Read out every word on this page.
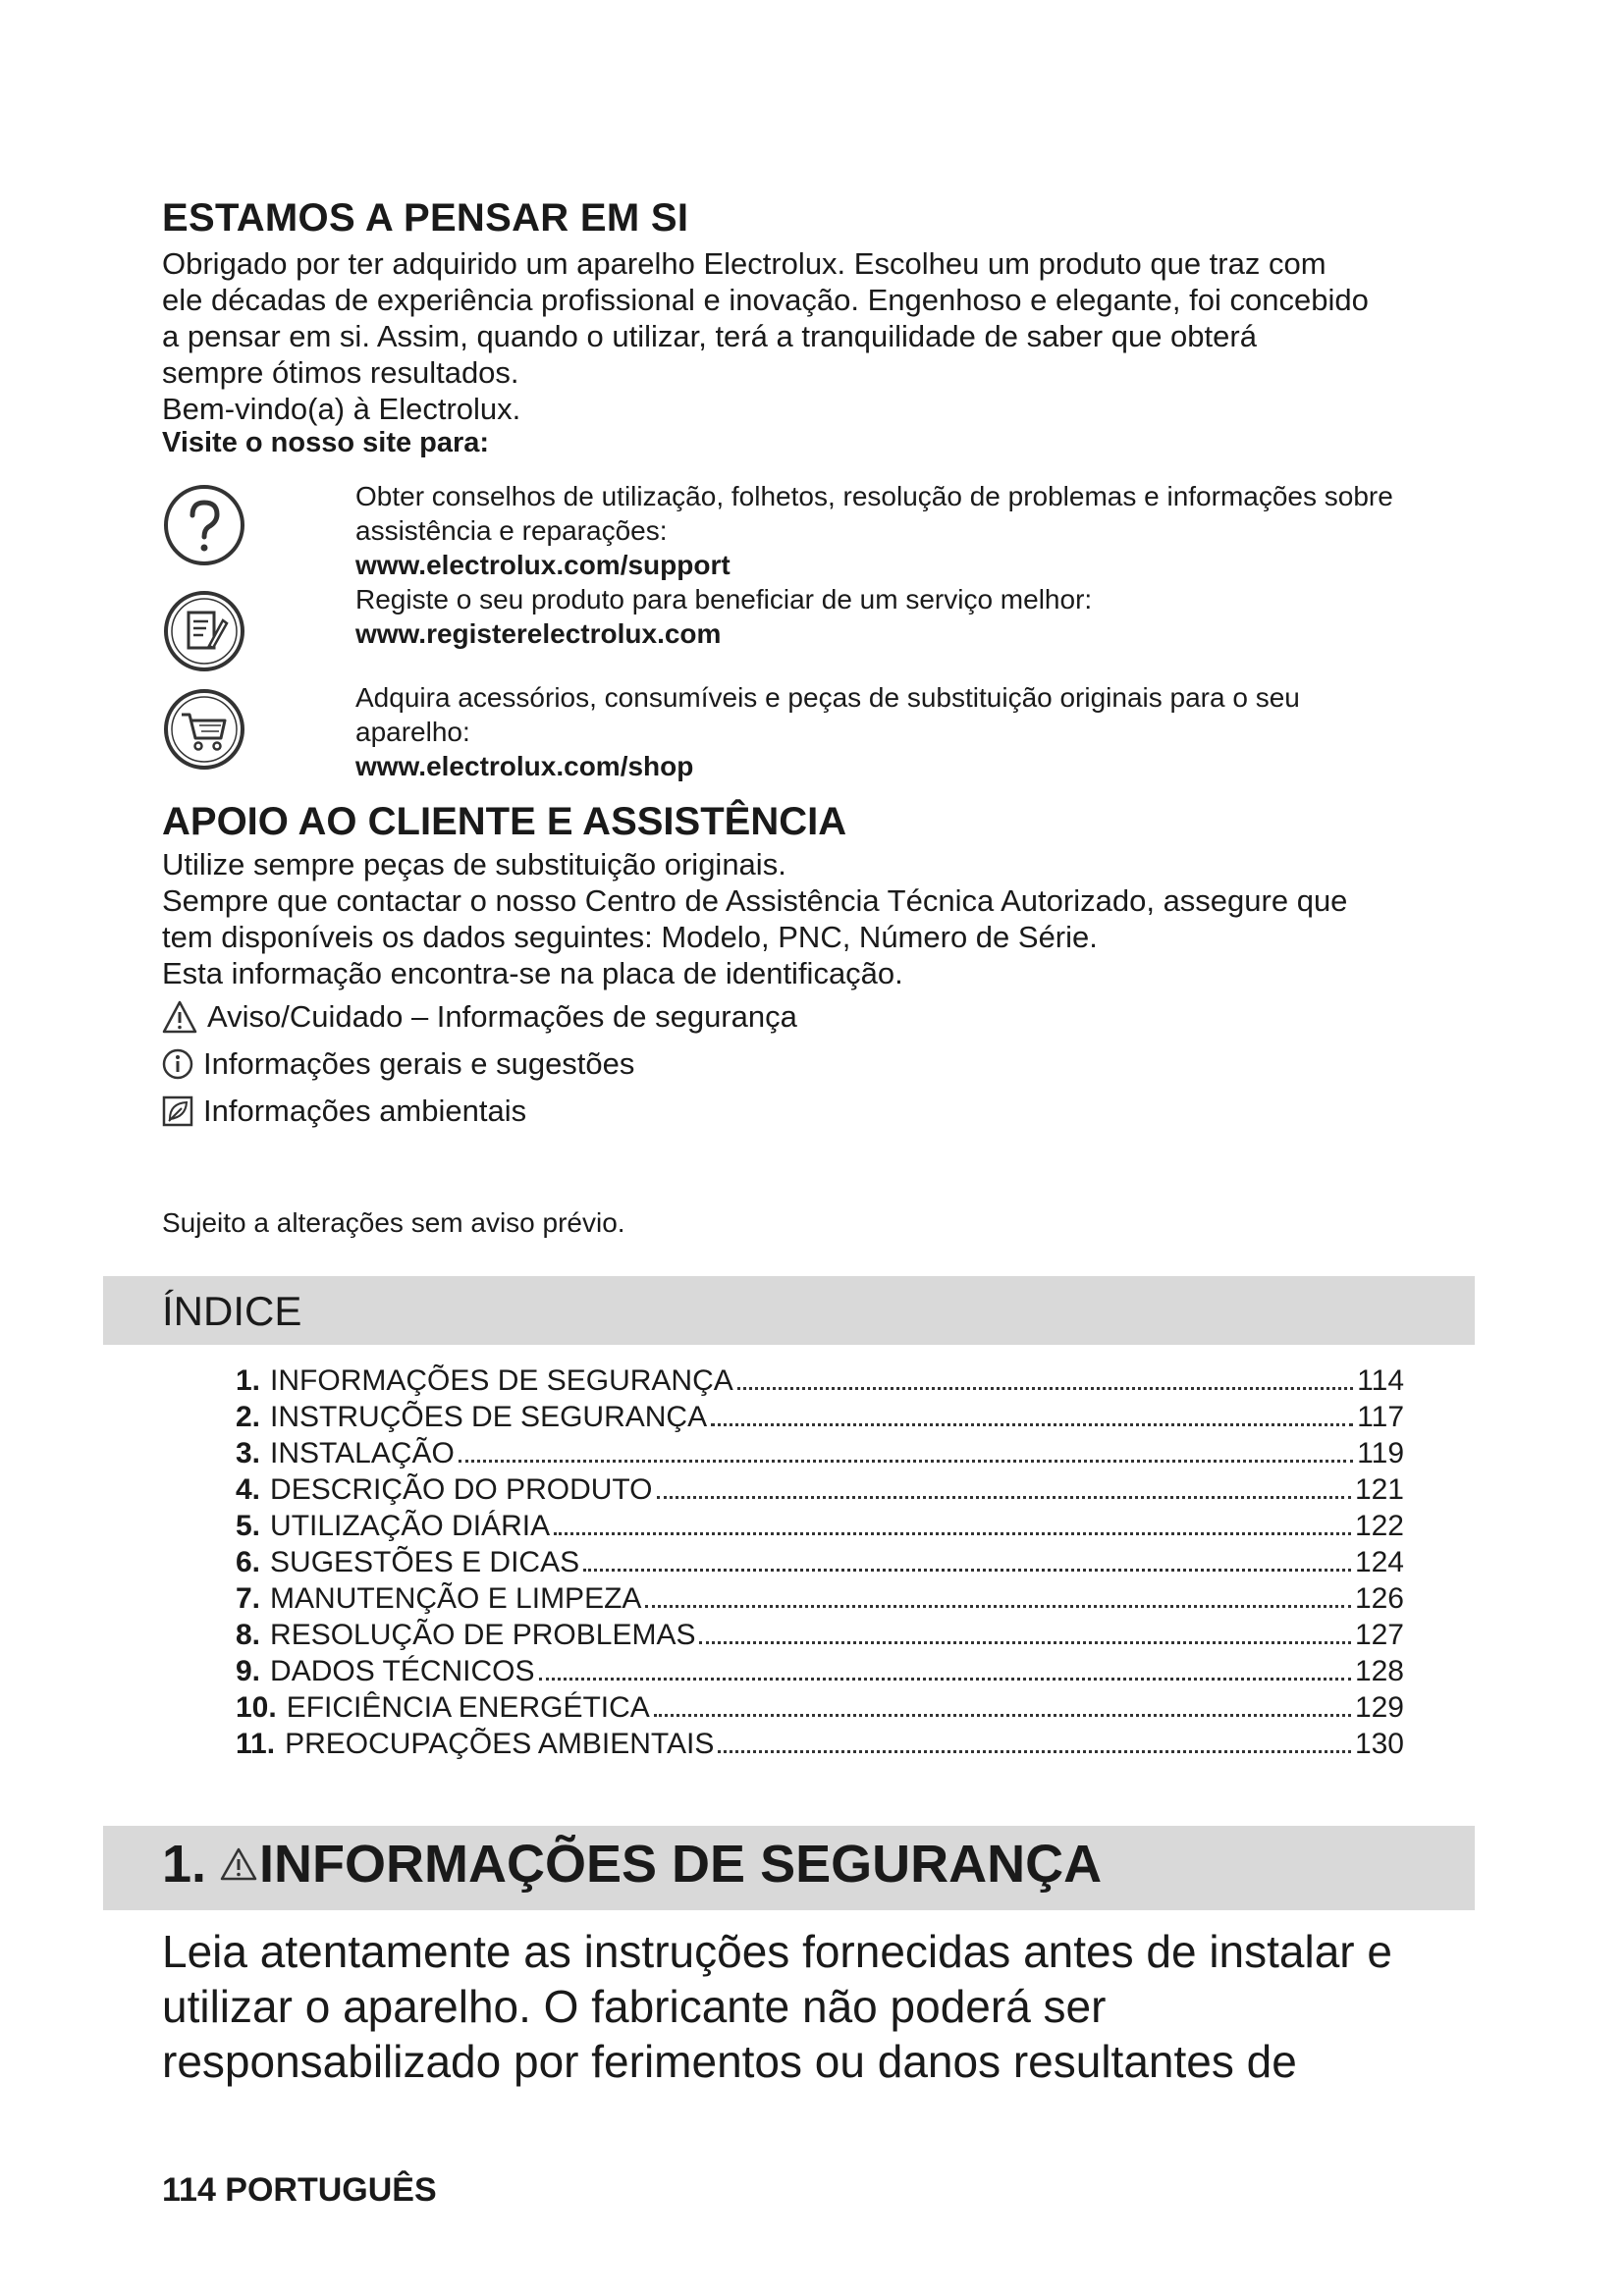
ESTAMOS A PENSAR EM SI

Obrigado por ter adquirido um aparelho Electrolux. Escolheu um produto que traz com
ele décadas de experiência profissional e inovação. Engenhoso e elegante, foi concebido
a pensar em si. Assim, quando o utilizar, terá a tranquilidade de saber que obterá
sempre ótimos resultados.
Bem-vindo(a) à Electrolux.

Visite o nosso site para:

Obter conselhos de utilização, folhetos, resolução de problemas e informações sobre
assistência e reparações:
www.electrolux.com/support
Registe o seu produto para beneficiar de um serviço melhor:
www.registerelectrolux.com
Adquira acessórios, consumíveis e peças de substituição originais para o seu
aparelho:
www.electrolux.com/shop
APOIO AO CLIENTE E ASSISTÊNCIA

Utilize sempre peças de substituição originais.
Sempre que contactar o nosso Centro de Assistência Técnica Autorizado, assegure que
tem disponíveis os dados seguintes: Modelo, PNC, Número de Série.
Esta informação encontra-se na placa de identificação.

Aviso/Cuidado – Informações de segurança
Informações gerais e sugestões
Informações ambientais

Sujeito a alterações sem aviso prévio.

ÍNDICE
1. INFORMAÇÕES DE SEGURANÇA	114
2. INSTRUÇÕES DE SEGURANÇA	117
3. INSTALAÇÃO	119
4. DESCRIÇÃO DO PRODUTO	121
5. UTILIZAÇÃO DIÁRIA	122
6. SUGESTÕES E DICAS	124
7. MANUTENÇÃO E LIMPEZA	126
8. RESOLUÇÃO DE PROBLEMAS	127
9. DADOS TÉCNICOS	128
10. EFICIÊNCIA ENERGÉTICA	129
11. PREOCUPAÇÕES AMBIENTAIS	130
1. INFORMAÇÕES DE SEGURANÇA

Leia atentamente as instruções fornecidas antes de instalar e
utilizar o aparelho. O fabricante não poderá ser
responsabilizado por ferimentos ou danos resultantes de

114 PORTUGUÊS
